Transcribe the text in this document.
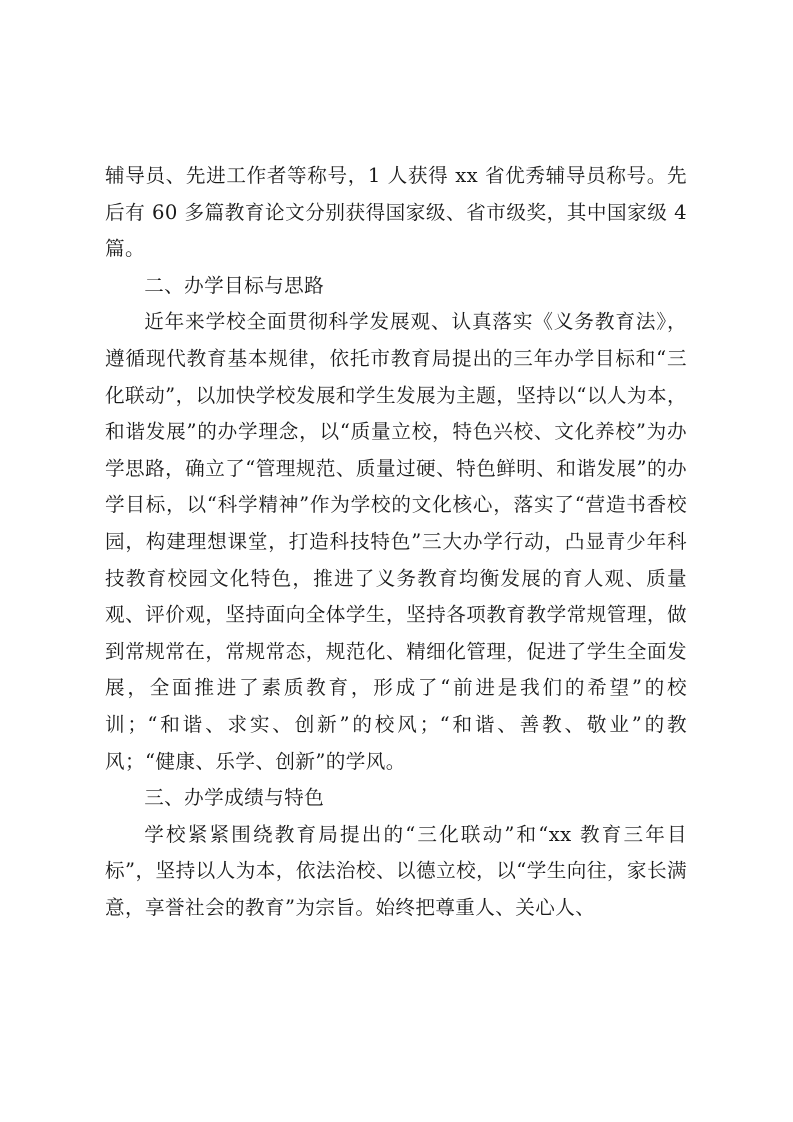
辅导员、先进工作者等称号，1 人获得 xx 省优秀辅导员称号。先后有 60 多篇教育论文分别获得国家级、省市级奖，其中国家级 4 篇。

二、办学目标与思路

近年来学校全面贯彻科学发展观、认真落实《义务教育法》，遵循现代教育基本规律，依托市教育局提出的三年办学目标和“三化联动”，以加快学校发展和学生发展为主题，坚持以“以人为本，和谐发展”的办学理念，以“质量立校，特色兴校、文化养校”为办学思路，确立了“管理规范、质量过硬、特色鲜明、和谐发展”的办学目标，以“科学精神”作为学校的文化核心，落实了“营造书香校园，构建理想课堂，打造科技特色”三大办学行动，凸显青少年科技教育校园文化特色，推进了义务教育均衡发展的育人观、质量观、评价观，坚持面向全体学生，坚持各项教育教学常规管理，做到常规常在，常规常态，规范化、精细化管理，促进了学生全面发展，全面推进了素质教育，形成了“前进是我们的希望”的校训；“和谐、求实、创新”的校风；“和谐、善教、敬业”的教风；“健康、乐学、创新”的学风。

三、办学成绩与特色

学校紧紧围绕教育局提出的“三化联动”和“xx 教育三年目标”，坚持以人为本，依法治校、以德立校，以“学生向往，家长满意，享誉社会的教育”为宗旨。始终把尊重人、关心人、
